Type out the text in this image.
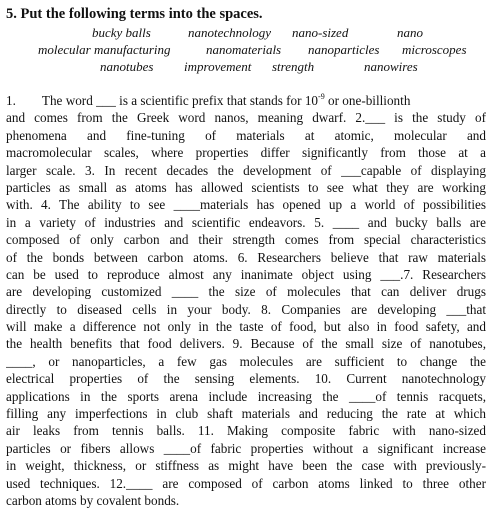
5. Put the following terms into the spaces.
bucky balls	nanotechnology nano-sized	nano
molecular manufacturing	nanomaterials nanoparticles microscopes
nanotubes improvement strength	nanowires
1. The word ___ is a scientific prefix that stands for $10^{-9}$ or one-billionth
and comes from the Greek word nanos, meaning dwarf. 2.___ is the study of
phenomena and fine-tuning of materials at atomic, molecular and
macromolecular scales, where properties differ significantly from those at a
larger scale. 3. In recent decades the development of ___capable of displaying
particles as small as atoms has allowed scientists to see what they are working
with. 4. The ability to see ____materials has opened up a world of possibilities
in a variety of industries and scientific endeavors. 5. ____ and bucky balls are
composed of only carbon and their strength comes from special characteristics
of the bonds between carbon atoms. 6. Researchers believe that raw materials
can be used to reproduce almost any inanimate object using ___.7. Researchers
are developing customized ____ the size of molecules that can deliver drugs
directly to diseased cells in your body. 8. Companies are developing ___that
will make a difference not only in the taste of food, but also in food safety, and
the health benefits that food delivers. 9. Because of the small size of nanotubes,
____, or nanoparticles, a few gas molecules are sufficient to change the
electrical properties of the sensing elements. 10. Current nanotechnology
applications in the sports arena include increasing the ____of tennis racquets,
filling any imperfections in club shaft materials and reducing the rate at which
air leaks from tennis balls. 11. Making composite fabric with nano-sized
particles or fibers allows ____of fabric properties without a significant increase
in weight, thickness, or stiffness as might have been the case with previously-
used techniques. 12.____ are composed of carbon atoms linked to three other
carbon atoms by covalent bonds.
